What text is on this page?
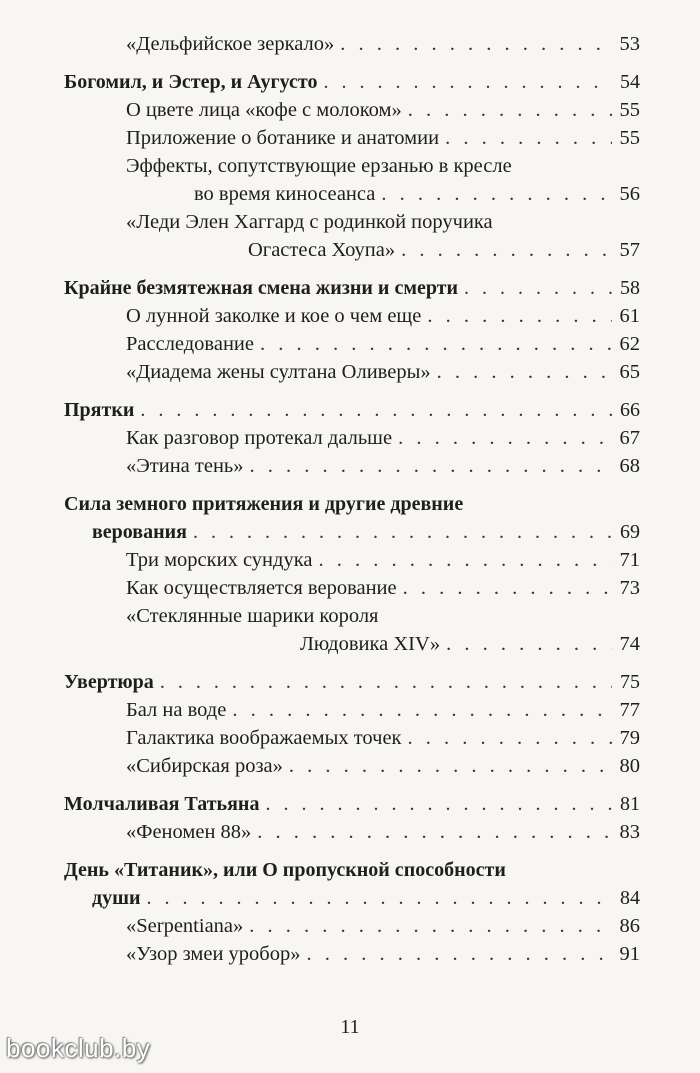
«Дельфийское зеркало» . . .	53
Богомил, и Эстер, и Аугусто . . .	54
О цвете лица «кофе с молоком» . . .	55
Приложение о ботанике и анатомии . . .	55
Эффекты, сопутствующие ерзанью в кресле
во время киносеанса . . .	56
«Леди Элен Хаггард с родинкой поручика
Огастеса Хоупа» . . .	57
Крайне безмятежная смена жизни и смерти . . .	58
О лунной заколке и кое о чем еще . . .	61
Расследование . . .	62
«Диадема жены султана Оливеры» . . .	65
Прятки . . .	66
Как разговор протекал дальше . . .	67
«Этина тень» . . .	68
Сила земного притяжения и другие древние
верования . . .	69
Три морских сундука . . .	71
Как осуществляется верование . . .	73
«Стеклянные шарики короля
Людовика XIV» . . .	74
Увертюра . . .	75
Бал на воде . . .	77
Галактика воображаемых точек . . .	79
«Сибирская роза» . . .	80
Молчаливая Татьяна . . .	81
«Феномен 88» . . .	83
День «Титаник», или О пропускной способности
души . . .	84
«Serpentiana» . . .	86
«Узор змеи уробор» . . .	91
11
bookclub.by
